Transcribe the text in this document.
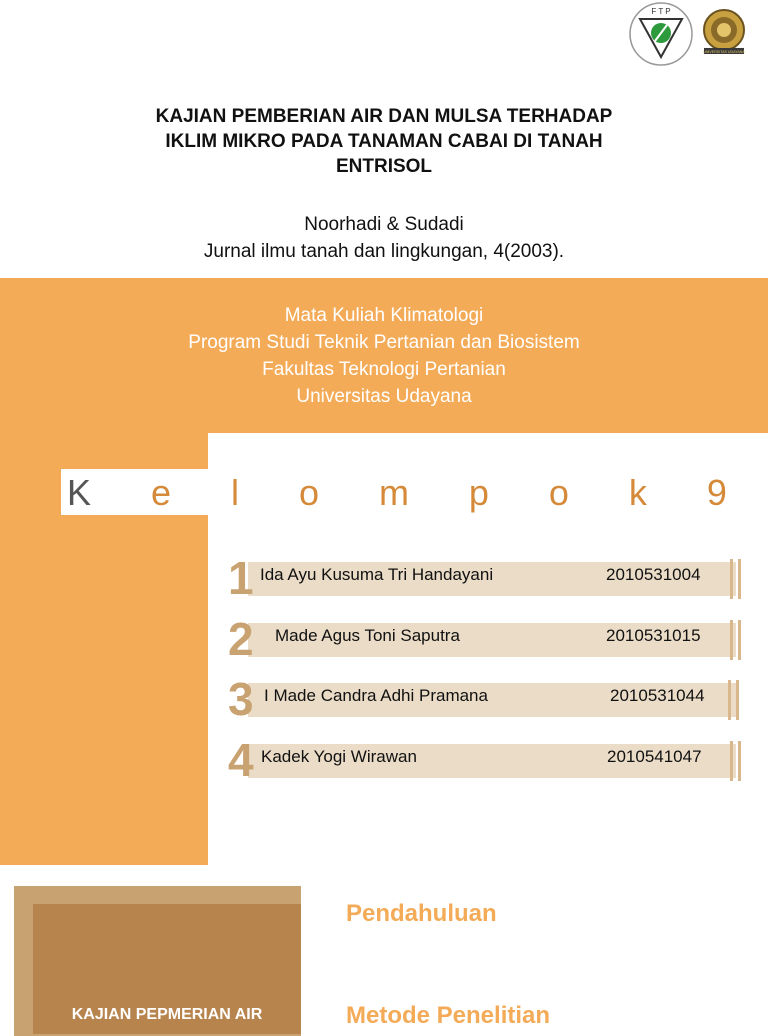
F T P
UNIVERSITAS UDAYANA
KAJIAN PEMBERIAN AIR DAN MULSA TERHADAP
IKLIM MIKRO PADA TANAMAN CABAI DI TANAH
ENTRISOL
Noorhadi & Sudadi
Jurnal ilmu tanah dan lingkungan, 4(2003).
Mata Kuliah Klimatologi
Program Studi Teknik Pertanian dan Biosistem
Fakultas Teknologi Pertanian
Universitas Udayana
K e l o m p o k 9
1 Ida Ayu Kusuma Tri Handayani	2010531004
2 Made Agus Toni Saputra	2010531015
3 I Made Candra Adhi Pramana	2010531044
4 Kadek Yogi Wirawan	2010541047
KAJIAN PEPMERIAN AIR
Pendahuluan
Metode Penelitian
